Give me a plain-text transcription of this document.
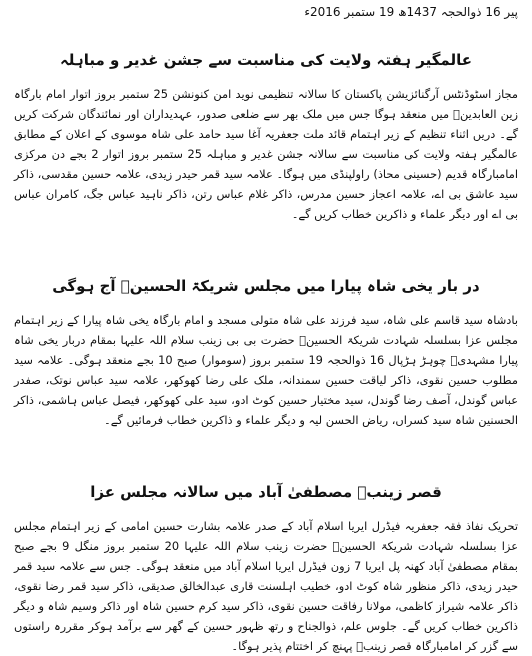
پیر 16 ذوالحجہ 1437ھ 19 ستمبر 2016ء
عالمگیر ہفتہ ولایت کی مناسبت سے جشن غدیر و مباہلہ

مجاز اسٹوڈنٹس آرگنائزیشن پاکستان کا سالانہ تنظیمی نوید امن کنونشن 25 ستمبر بروز اتوار امام بارگاہ زین العابدینؑ میں منعقد ہوگا جس میں ملک بھر سے ضلعی صدور، عہدیداران اور نمائندگان شرکت کریں گے۔ دریں اثناء تنظیم کے زیر اہتمام قائد ملت جعفریہ آغا سید حامد علی شاہ موسوی کے اعلان کے مطابق عالمگیر ہفتہ ولایت کی مناسبت سے سالانہ جشن غدیر و مباہلہ 25 ستمبر بروز اتوار 2 بجے دن مرکزی امامبارگاہ قدیم (حسینی محاذ) راولپنڈی میں ہوگا۔ علامہ سید قمر حیدر زیدی، علامہ حسین مقدسی، ذاکر سید عاشق بی اے، علامہ اعجاز حسین مدرس، ذاکر غلام عباس رتن، ذاکر ناہید عباس جگ، کامران عباس بی اے اور دیگر علماء و ذاکرین خطاب کریں گے۔

در بار یخی شاہ پیارا میں مجلس شریکۃ الحسینؑ آج ہوگی

بادشاہ سید قاسم علی شاہ، سید فرزند علی شاہ متولی مسجد و امام بارگاہ یخی شاہ پیارا کے زیر اہتمام مجلس عزا بسلسلہ شہادت شریکۃ الحسینؑ حضرت بی بی زینب سلام اللہ علیہا بمقام دربار یخی شاہ پیارا مشہدیؒ چوہڑ ہڑپال 16 ذوالحجہ 19 ستمبر بروز (سوموار) صبح 10 بجے منعقد ہوگی۔ علامہ سید مطلوب حسین نقوی، ذاکر لیاقت حسین سمندانہ، ملک علی رضا کھوکھر، علامہ سید عباس نوتک، صفدر عباس گوندل، آصف رضا گوندل، سید مختیار حسین کوٹ ادو، سید علی کھوکھر، فیصل عباس ہاشمی، ذاکر الحسنین شاہ سید کسراں، ریاض الحسن لیہ و دیگر علماء و ذاکرین خطاب فرمائیں گے۔

قصر زینبؑ مصطفیٰ آباد میں سالانہ مجلس عزا

تحریک نفاذ فقہ جعفریہ فیڈرل ایریا اسلام آباد کے صدر علامہ بشارت حسین امامی کے زیر اہتمام مجلس عزا بسلسلہ شہادت شریکۃ الحسینؑ حضرت زینب سلام اللہ علیہا 20 ستمبر بروز منگل 9 بجے صبح بمقام مصطفیٰ آباد کھنہ پل ایریا 7 زون فیڈرل ایریا اسلام آباد میں منعقد ہوگی۔ جس سے علامہ سید قمر حیدر زیدی، ذاکر منظور شاہ کوٹ ادو، خطیب اہلسنت قاری عبدالخالق صدیقی، ذاکر سید قمر رضا نقوی، ذاکر علامہ شیراز کاظمی، مولانا رفاقت حسین نقوی، ذاکر سید کرم حسین شاہ اور ذاکر وسیم شاہ و دیگر ذاکرین خطاب کریں گے۔ جلوس علم، ذوالجناح و رتھ ظہور حسین کے گھر سے برآمد ہوکر مقررہ راستوں سے گزر کر امامبارگاہ قصر زینبؑ پہنچ کر اختتام پذیر ہوگا۔
